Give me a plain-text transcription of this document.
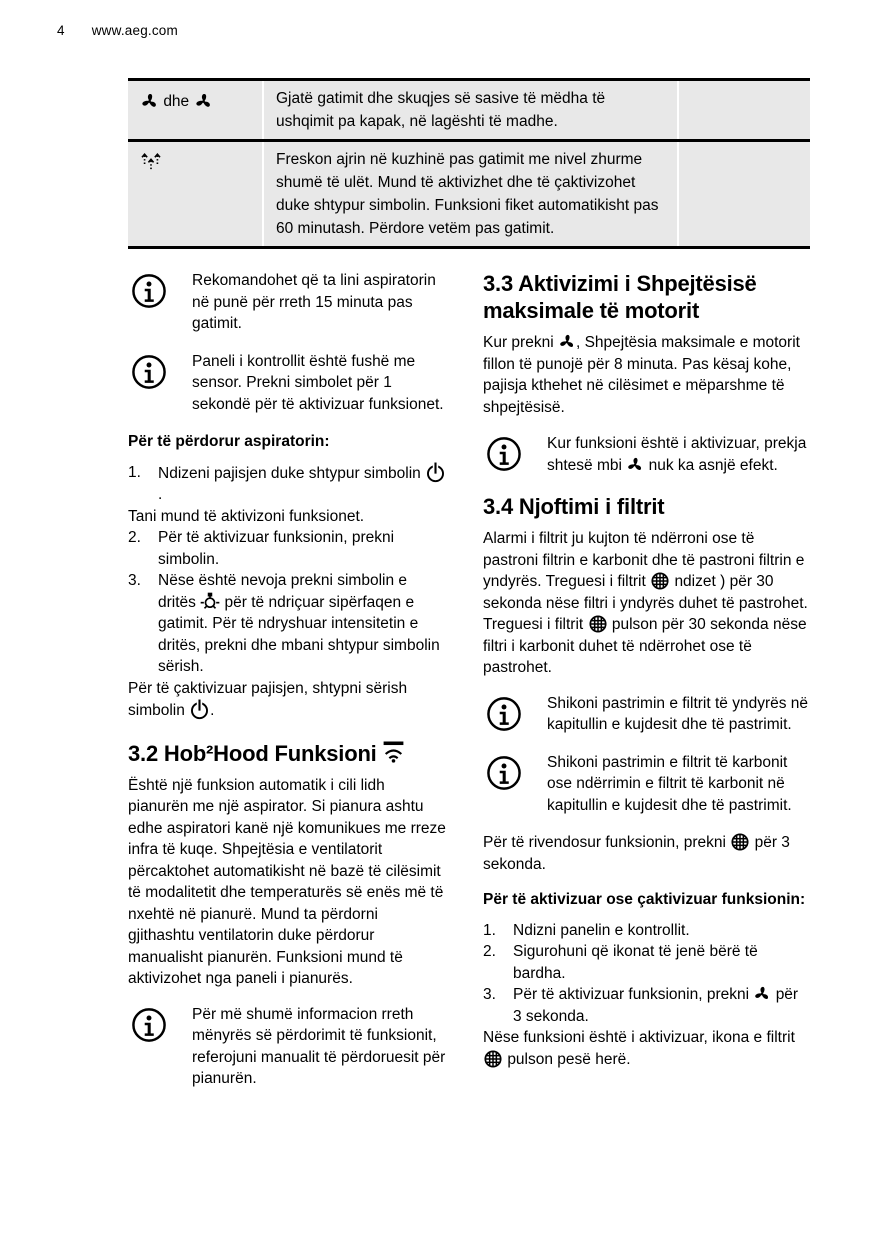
4 www.aeg.com
dhe	Gjatë gatimit dhe skuqjes së sasive të mëdha të ushqimit pa kapak, në lagështi të madhe.
Freskon ajrin në kuzhinë pas gatimit me nivel zhurme shumë të ulët. Mund të aktivizhet dhe të çaktivizohet duke shtypur simbolin. Funksioni fiket automatikisht pas 60 minutash. Përdore vetëm pas gatimit.
Rekomandohet që ta lini aspiratorin në punë për rreth 15 minuta pas gatimit.
Paneli i kontrollit është fushë me sensor. Prekni simbolet për 1 sekondë për të aktivizuar funksionet.
Për të përdorur aspiratorin:
1.	Ndizeni pajisjen duke shtypur simbolin .
Tani mund të aktivizoni funksionet.
2.	Për të aktivizuar funksionin, prekni simbolin.
3.	Nëse është nevoja prekni simbolin e dritës për të ndriçuar sipërfaqen e gatimit. Për të ndryshuar intensitetin e dritës, prekni dhe mbani shtypur simbolin sërish.
Për të çaktivizuar pajisjen, shtypni sërish simbolin .
3.2 Hob²Hood Funksioni

Është një funksion automatik i cili lidh pianurën me një aspirator. Si pianura ashtu edhe aspiratori kanë një komunikues me rreze infra të kuqe. Shpejtësia e ventilatorit përcaktohet automatikisht në bazë të cilësimit të modalitetit dhe temperaturës së enës më të nxehtë në pianurë. Mund ta përdorni gjithashtu ventilatorin duke përdorur manualisht pianurën. Funksioni mund të aktivizohet nga paneli i pianurës.

Për më shumë informacion rreth mënyrës së përdorimit të funksionit, referojuni manualit të përdoruesit për pianurën.
3.3 Aktivizimi i Shpejtësisë maksimale të motorit

Kur prekni , Shpejtësia maksimale e motorit fillon të punojë për 8 minuta. Pas kësaj kohe, pajisja kthehet në cilësimet e mëparshme të shpejtësisë.

Kur funksioni është i aktivizuar, prekja shtesë mbi nuk ka asnjë efekt.
3.4 Njoftimi i filtrit

Alarmi i filtrit ju kujton të ndërroni ose të pastroni filtrin e karbonit dhe të pastroni filtrin e yndyrës. Treguesi i filtrit ndizet ) për 30 sekonda nëse filtri i yndyrës duhet të pastrohet. Treguesi i filtrit pulson për 30 sekonda nëse filtri i karbonit duhet të ndërrohet ose të pastrohet.

Shikoni pastrimin e filtrit të yndyrës në kapitullin e kujdesit dhe të pastrimit.
Shikoni pastrimin e filtrit të karbonit ose ndërrimin e filtrit të karbonit në kapitullin e kujdesit dhe të pastrimit.

Për të rivendosur funksionin, prekni për 3 sekonda.

Për të aktivizuar ose çaktivizuar funksionin:
1.	Ndizni panelin e kontrollit.
2.	Sigurohuni që ikonat të jenë bërë të bardha.
3.	Për të aktivizuar funksionin, prekni për 3 sekonda.
Nëse funksioni është i aktivizuar, ikona e filtrit  pulson pesë herë.
